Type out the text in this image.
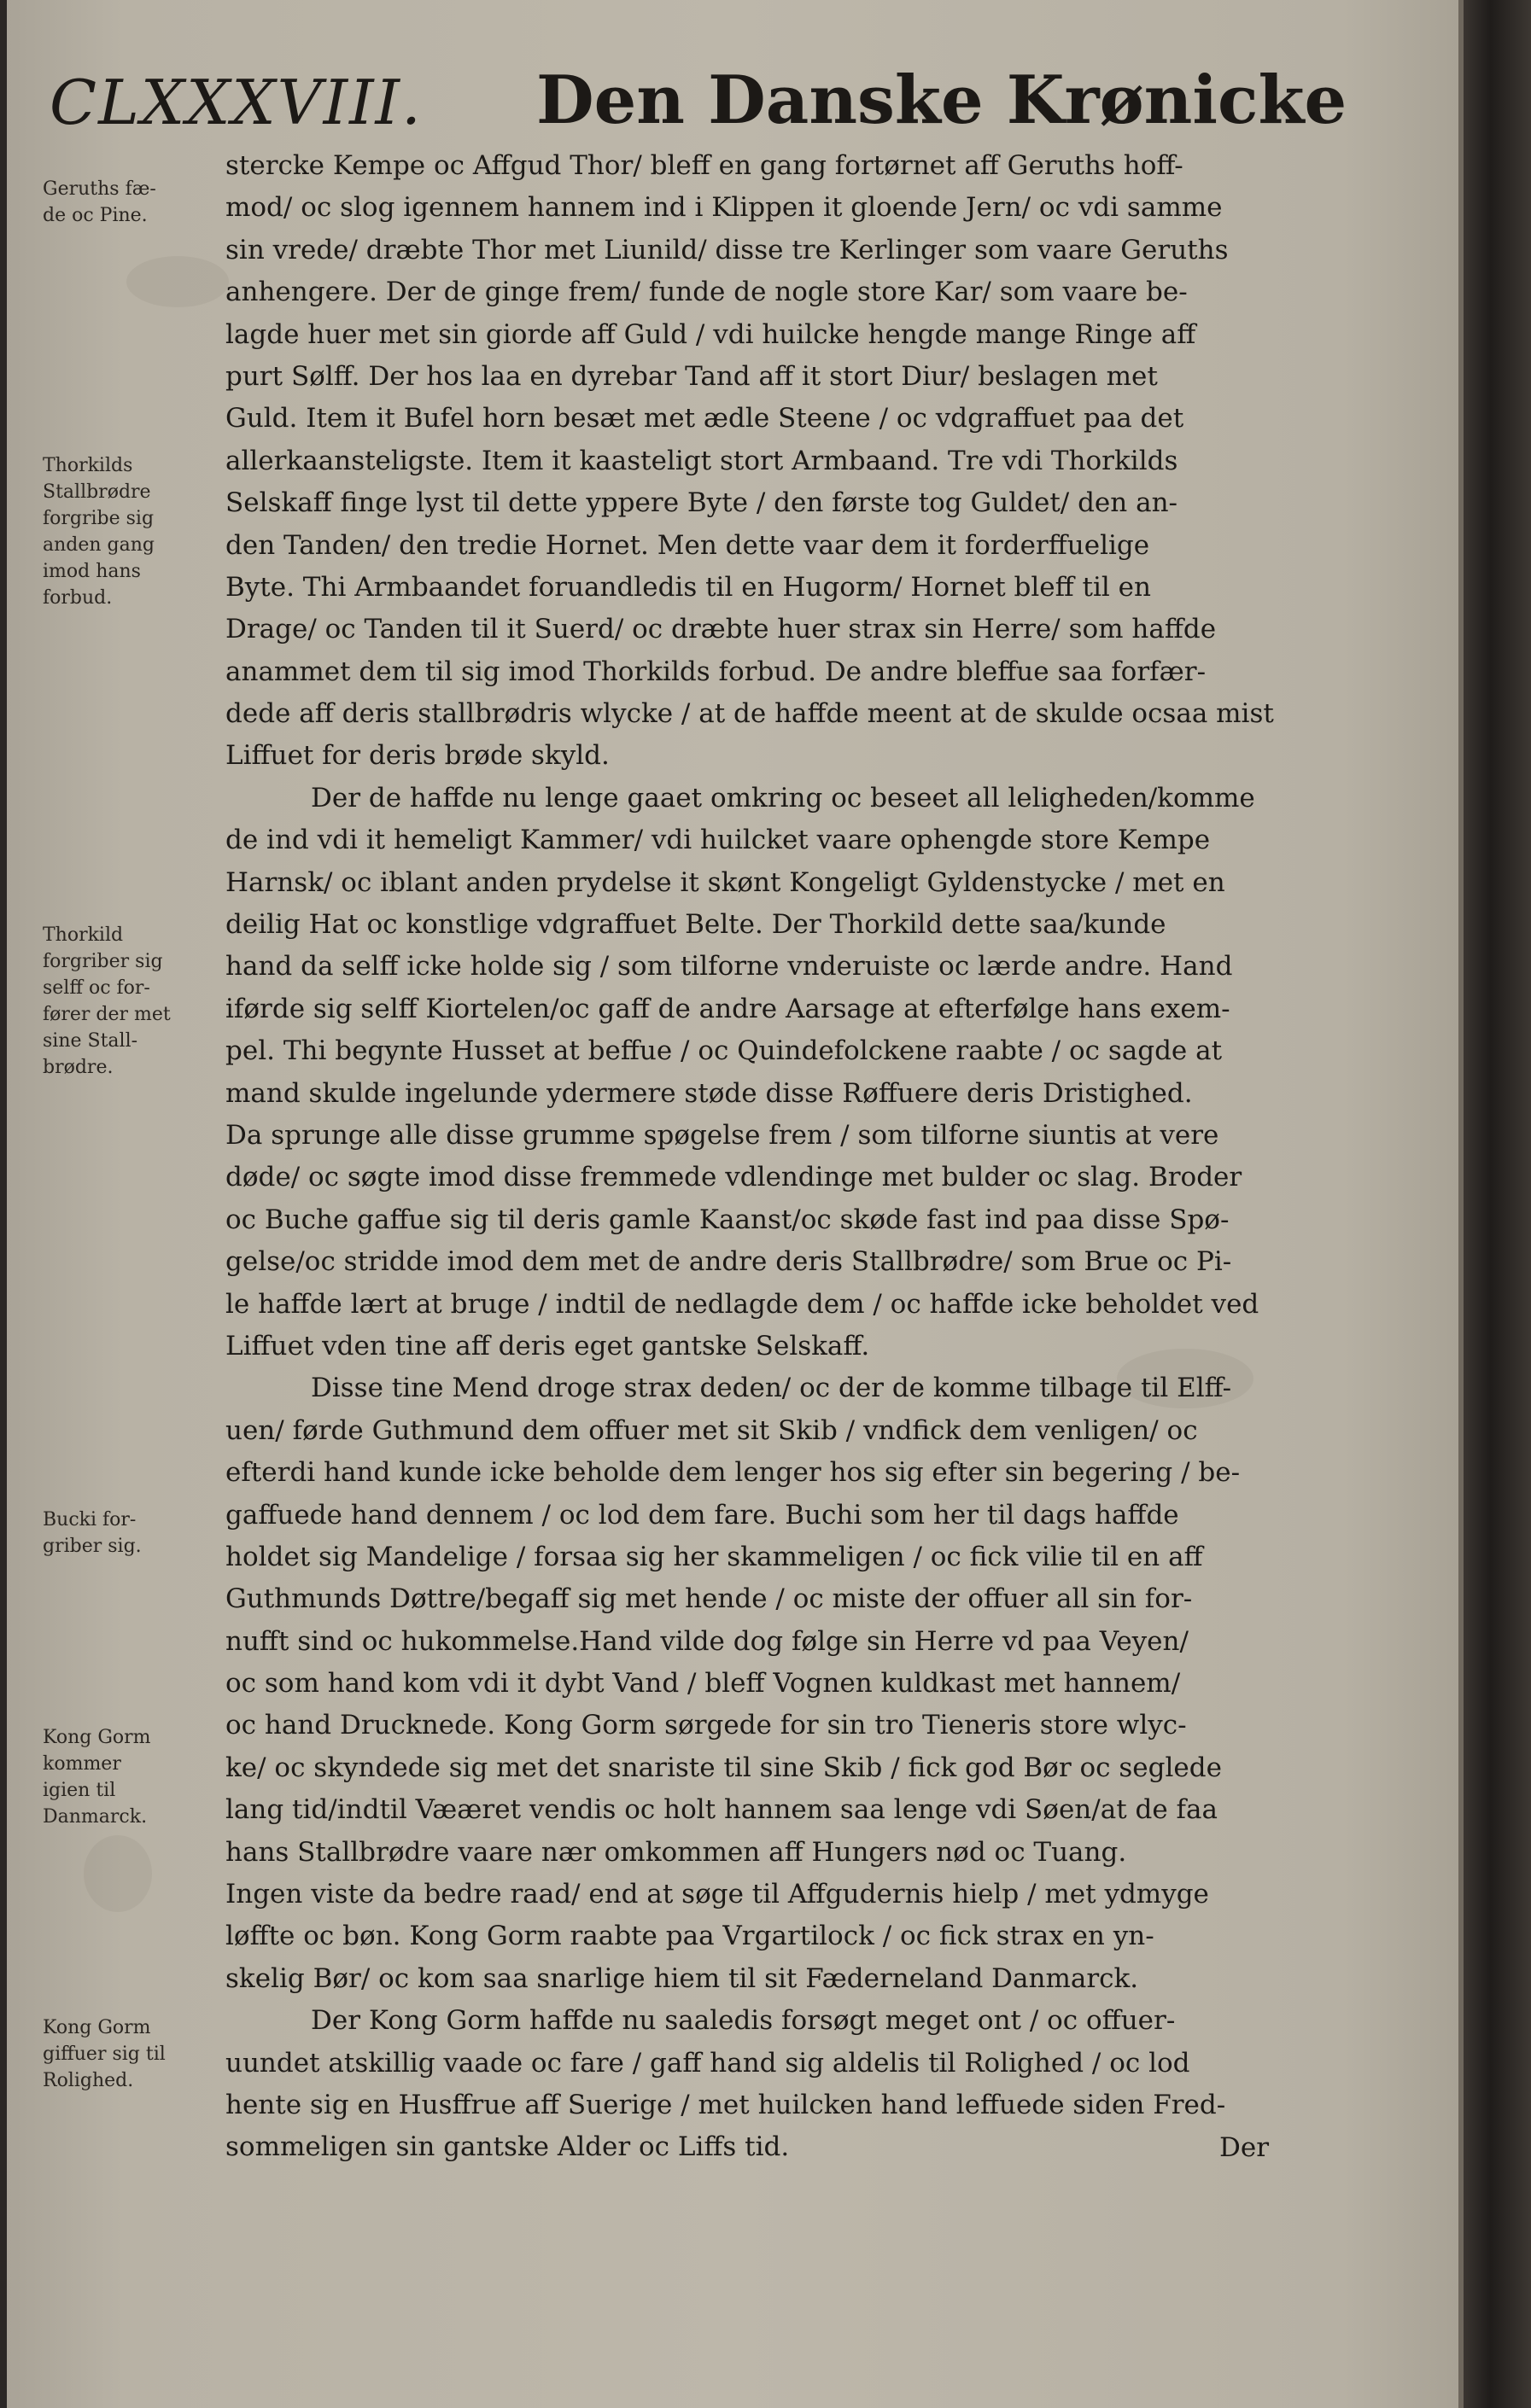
CLXXXVIII. Den Danske Krønicke
Geruths fæ-
de oc Pine.
Thorkilds
Stallbrødre
forgribe sig
anden gang
imod hans
forbud.
Thorkild
forgriber sig
selff oc for-
fører der met
sine Stall-
brødre.
Bucki for-
griber sig.
Kong Gorm
kommer
igien til
Danmarck.
Kong Gorm
giffuer sig til
Rolighed.
stercke Kempe oc Affgud Thor/ bleff en gang fortørnet aff Geruths hoff-
mod/ oc slog igennem hannem ind i Klippen it gloende Jern/ oc vdi samme
sin vrede/ dræbte Thor met Liunild/ disse tre Kerlinger som vaare Geruths
anhengere. Der de ginge frem/ funde de nogle store Kar/ som vaare be-
lagde huer met sin giorde aff Guld / vdi huilcke hengde mange Ringe aff
purt Sølff. Der hos laa en dyrebar Tand aff it stort Diur/ beslagen met
Guld. Item it Bufel horn besæt met ædle Steene / oc vdgraffuet paa det
allerkaansteligste. Item it kaasteligt stort Armbaand. Tre vdi Thorkilds
Selskaff finge lyst til dette yppere Byte / den første tog Guldet/ den an-
den Tanden/ den tredie Hornet. Men dette vaar dem it forderffuelige
Byte. Thi Armbaandet foruandledis til en Hugorm/ Hornet bleff til en
Drage/ oc Tanden til it Suerd/ oc dræbte huer strax sin Herre/ som haffde
anammet dem til sig imod Thorkilds forbud. De andre bleffue saa forfær-
dede aff deris stallbrødris wlycke / at de haffde meent at de skulde ocsaa mist
Liffuet for deris brøde skyld.
Der de haffde nu lenge gaaet omkring oc beseet all leligheden/komme
de ind vdi it hemeligt Kammer/ vdi huilcket vaare ophengde store Kempe
Harnsk/ oc iblant anden prydelse it skønt Kongeligt Gyldenstycke / met en
deilig Hat oc konstlige vdgraffuet Belte. Der Thorkild dette saa/kunde
hand da selff icke holde sig / som tilforne vnderuiste oc lærde andre. Hand
iførde sig selff Kiortelen/oc gaff de andre Aarsage at efterfølge hans exem-
pel. Thi begynte Husset at beffue / oc Quindefolckene raabte / oc sagde at
mand skulde ingelunde ydermere støde disse Røffuere deris Dristighed.
Da sprunge alle disse grumme spøgelse frem / som tilforne siuntis at vere
døde/ oc søgte imod disse fremmede vdlendinge met bulder oc slag. Broder
oc Buche gaffue sig til deris gamle Kaanst/oc skøde fast ind paa disse Spø-
gelse/oc stridde imod dem met de andre deris Stallbrødre/ som Brue oc Pi-
le haffde lært at bruge / indtil de nedlagde dem / oc haffde icke beholdet ved
Liffuet vden tine aff deris eget gantske Selskaff.
Disse tine Mend droge strax deden/ oc der de komme tilbage til Elff-
uen/ førde Guthmund dem offuer met sit Skib / vndfick dem venligen/ oc
efterdi hand kunde icke beholde dem lenger hos sig efter sin begering / be-
gaffuede hand dennem / oc lod dem fare. Buchi som her til dags haffde
holdet sig Mandelige / forsaa sig her skammeligen / oc fick vilie til en aff
Guthmunds Døttre/begaff sig met hende / oc miste der offuer all sin for-
nufft sind oc hukommelse.Hand vilde dog følge sin Herre vd paa Veyen/
oc som hand kom vdi it dybt Vand / bleff Vognen kuldkast met hannem/
oc hand Drucknede. Kong Gorm sørgede for sin tro Tieneris store wlyc-
ke/ oc skyndede sig met det snariste til sine Skib / fick god Bør oc seglede
lang tid/indtil Vææret vendis oc holt hannem saa lenge vdi Søen/at de faa
hans Stallbrødre vaare nær omkommen aff Hungers nød oc Tuang.
Ingen viste da bedre raad/ end at søge til Affgudernis hielp / met ydmyge
løffte oc bøn. Kong Gorm raabte paa Vrgartilock / oc fick strax en yn-
skelig Bør/ oc kom saa snarlige hiem til sit Fæderneland Danmarck.
Der Kong Gorm haffde nu saaledis forsøgt meget ont / oc offuer-
uundet atskillig vaade oc fare / gaff hand sig aldelis til Rolighed / oc lod
hente sig en Husffrue aff Suerige / met huilcken hand leffuede siden Fred-
sommeligen sin gantske Alder oc Liffs tid.	Der
